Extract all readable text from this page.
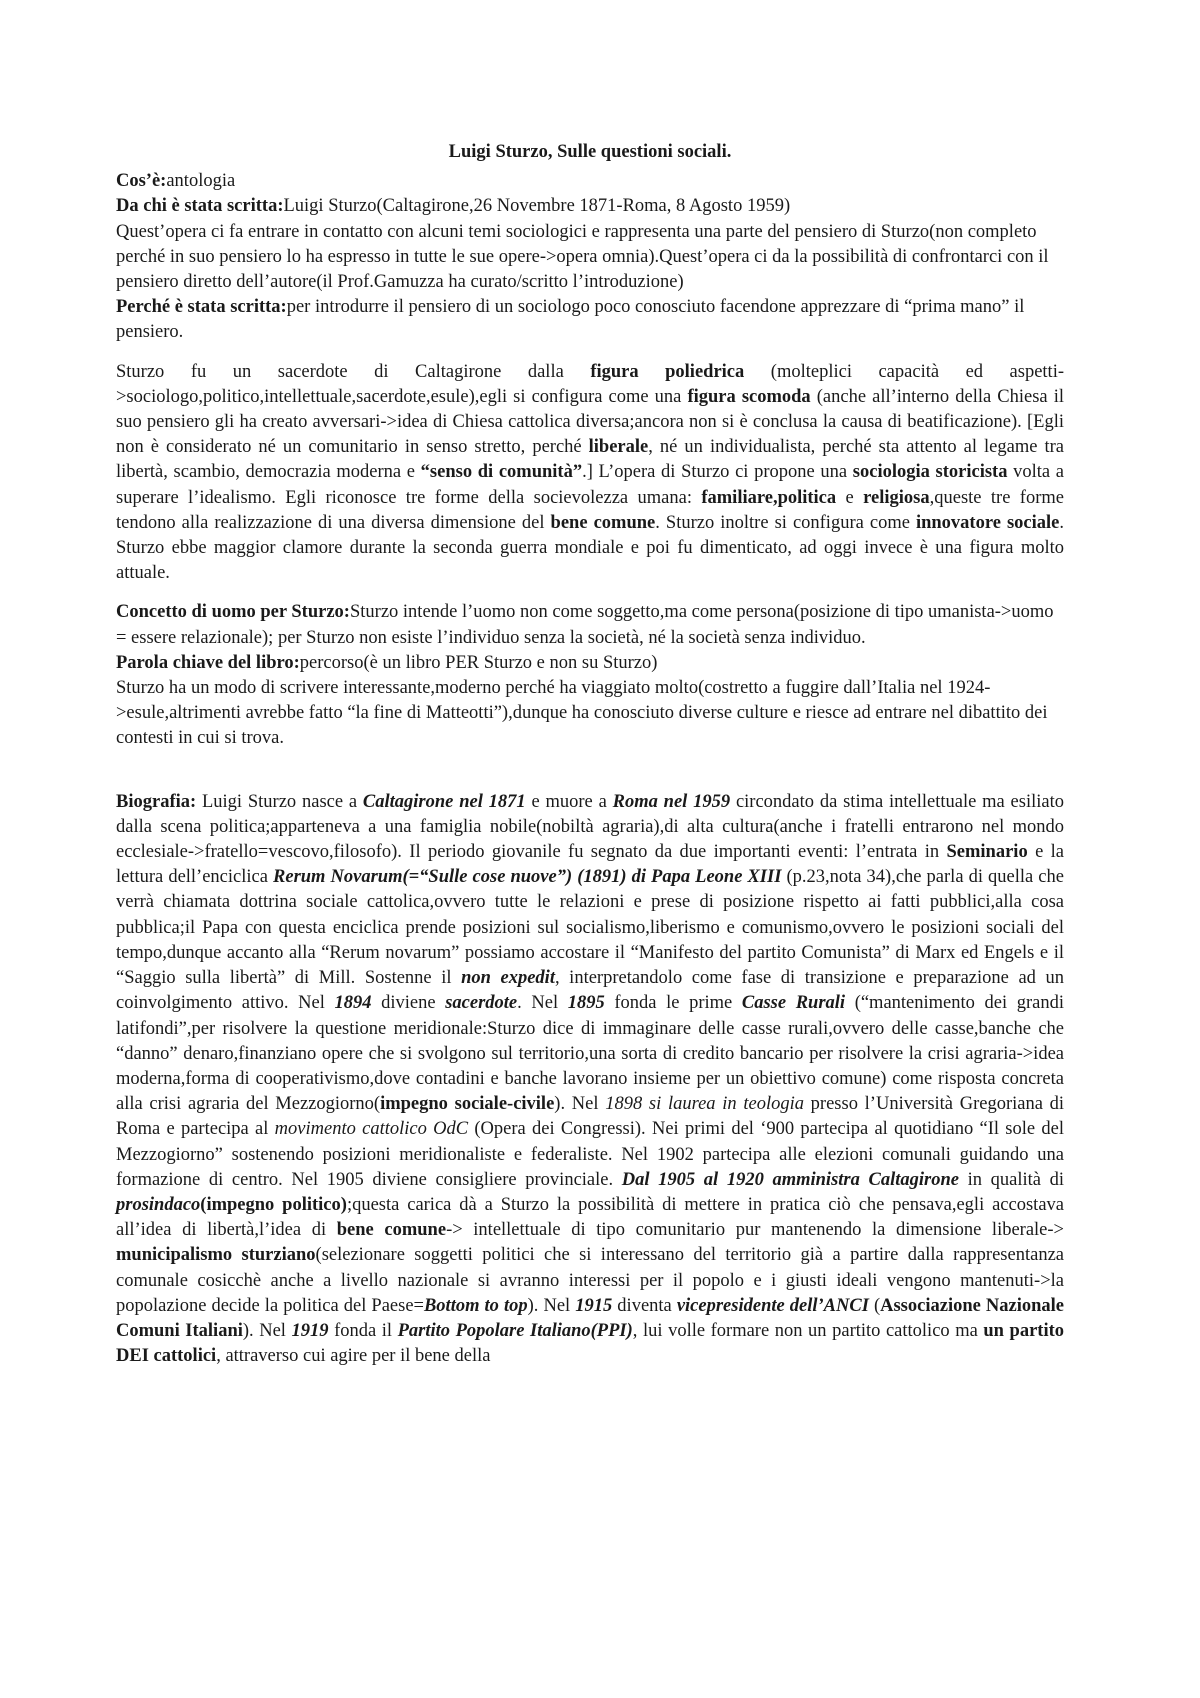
Luigi Sturzo, Sulle questioni sociali.

Cos’è:antologia

Da chi è stata scritta:Luigi Sturzo(Caltagirone,26 Novembre 1871-Roma, 8 Agosto 1959)

Quest’opera ci fa entrare in contatto con alcuni temi sociologici e rappresenta una parte del pensiero di Sturzo(non completo perché in suo pensiero lo ha espresso in tutte le sue opere->opera omnia).Quest’opera ci da la possibilità di confrontarci con il pensiero diretto dell’autore(il Prof.Gamuzza ha curato/scritto l’introduzione)

Perché è stata scritta:per introdurre il pensiero di un sociologo poco conosciuto facendone apprezzare di “prima mano” il pensiero.

Sturzo fu un sacerdote di Caltagirone dalla figura poliedrica (molteplici capacità ed aspetti->sociologo,politico,intellettuale,sacerdote,esule),egli si configura come una figura scomoda (anche all’interno della Chiesa il suo pensiero gli ha creato avversari->idea di Chiesa cattolica diversa;ancora non si è conclusa la causa di beatificazione). [Egli non è considerato né un comunitario in senso stretto, perché liberale, né un individualista, perché sta attento al legame tra libertà, scambio, democrazia moderna e “senso di comunità”.] L’opera di Sturzo ci propone una sociologia storicista volta a superare l’idealismo. Egli riconosce tre forme della socievolezza umana: familiare,politica e religiosa,queste tre forme tendono alla realizzazione di una diversa dimensione del bene comune. Sturzo inoltre si configura come innovatore sociale. Sturzo ebbe maggior clamore durante la seconda guerra mondiale e poi fu dimenticato, ad oggi invece è una figura molto attuale.

Concetto di uomo per Sturzo:Sturzo intende l’uomo non come soggetto,ma come persona(posizione di tipo umanista->uomo = essere relazionale); per Sturzo non esiste l’individuo senza la società, né la società senza individuo.

Parola chiave del libro:percorso(è un libro PER Sturzo e non su Sturzo)

Sturzo ha un modo di scrivere interessante,moderno perché ha viaggiato molto(costretto a fuggire dall’Italia nel 1924->esule,altrimenti avrebbe fatto “la fine di Matteotti”),dunque ha conosciuto diverse culture e riesce ad entrare nel dibattito dei contesti in cui si trova.

Biografia: Luigi Sturzo nasce a Caltagirone nel 1871 e muore a Roma nel 1959 circondato da stima intellettuale ma esiliato dalla scena politica;apparteneva a una famiglia nobile(nobiltà agraria),di alta cultura(anche i fratelli entrarono nel mondo ecclesiale->fratello=vescovo,filosofo). Il periodo giovanile fu segnato da due importanti eventi: l’entrata in Seminario e la lettura dell’enciclica Rerum Novarum(=“Sulle cose nuove”) (1891) di Papa Leone XIII (p.23,nota 34),che parla di quella che verrà chiamata dottrina sociale cattolica,ovvero tutte le relazioni e prese di posizione rispetto ai fatti pubblici,alla cosa pubblica;il Papa con questa enciclica prende posizioni sul socialismo,liberismo e comunismo,ovvero le posizioni sociali del tempo,dunque accanto alla “Rerum novarum” possiamo accostare il “Manifesto del partito Comunista” di Marx ed Engels e il “Saggio sulla libertà” di Mill. Sostenne il non expedit, interpretandolo come fase di transizione e preparazione ad un coinvolgimento attivo. Nel 1894 diviene sacerdote. Nel 1895 fonda le prime Casse Rurali (“mantenimento dei grandi latifondi”,per risolvere la questione meridionale:Sturzo dice di immaginare delle casse rurali,ovvero delle casse,banche che “danno” denaro,finanziano opere che si svolgono sul territorio,una sorta di credito bancario per risolvere la crisi agraria->idea moderna,forma di cooperativismo,dove contadini e banche lavorano insieme per un obiettivo comune) come risposta concreta alla crisi agraria del Mezzogiorno(impegno sociale-civile). Nel 1898 si laurea in teologia presso l’Università Gregoriana di Roma e partecipa al movimento cattolico OdC (Opera dei Congressi). Nei primi del ‘900 partecipa al quotidiano “Il sole del Mezzogiorno” sostenendo posizioni meridionaliste e federaliste. Nel 1902 partecipa alle elezioni comunali guidando una formazione di centro. Nel 1905 diviene consigliere provinciale. Dal 1905 al 1920 amministra Caltagirone in qualità di prosindaco(impegno politico);questa carica dà a Sturzo la possibilità di mettere in pratica ciò che pensava,egli accostava all’idea di libertà,l’idea di bene comune-> intellettuale di tipo comunitario pur mantenendo la dimensione liberale-> municipalismo sturziano(selezionare soggetti politici che si interessano del territorio già a partire dalla rappresentanza comunale cosicchè anche a livello nazionale si avranno interessi per il popolo e i giusti ideali vengono mantenuti->la popolazione decide la politica del Paese=Bottom to top). Nel 1915 diventa vicepresidente dell’ANCI (Associazione Nazionale Comuni Italiani). Nel 1919 fonda il Partito Popolare Italiano(PPI), lui volle formare non un partito cattolico ma un partito DEI cattolici, attraverso cui agire per il bene della
